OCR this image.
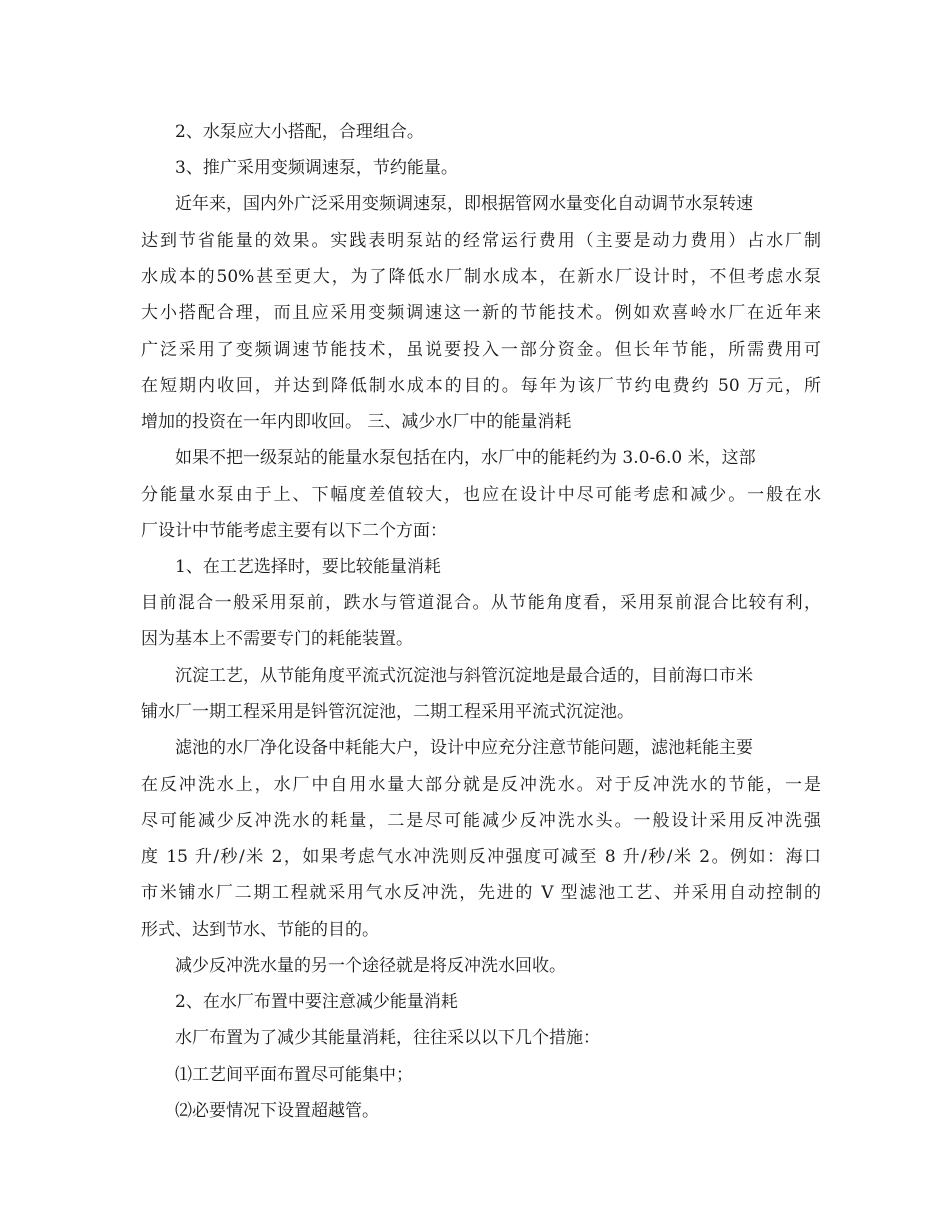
2、水泵应大小搭配，合理组合。
3、推广采用变频调速泵，节约能量。
近年来，国内外广泛采用变频调速泵，即根据管网水量变化自动调节水泵转速
达到节省能量的效果。实践表明泵站的经常运行费用（主要是动力费用）占水厂制
水成本的50%甚至更大，为了降低水厂制水成本，在新水厂设计时，不但考虑水泵
大小搭配合理，而且应采用变频调速这一新的节能技术。例如欢喜岭水厂在近年来
广泛采用了变频调速节能技术，虽说要投入一部分资金。但长年节能，所需费用可
在短期内收回，并达到降低制水成本的目的。每年为该厂节约电费约 50 万元，所
增加的投资在一年内即收回。 三、减少水厂中的能量消耗
如果不把一级泵站的能量水泵包括在内，水厂中的能耗约为 3.0-6.0 米，这部
分能量水泵由于上、下幅度差值较大，也应在设计中尽可能考虑和减少。一般在水
厂设计中节能考虑主要有以下二个方面：
1、在工艺选择时，要比较能量消耗
目前混合一般采用泵前，跌水与管道混合。从节能角度看，采用泵前混合比较有利，
因为基本上不需要专门的耗能装置。
沉淀工艺，从节能角度平流式沉淀池与斜管沉淀地是最合适的，目前海口市米
铺水厂一期工程采用是钭管沉淀池，二期工程采用平流式沉淀池。
滤池的水厂净化设备中耗能大户，设计中应充分注意节能问题，滤池耗能主要
在反冲洗水上，水厂中自用水量大部分就是反冲洗水。对于反冲洗水的节能，一是
尽可能减少反冲洗水的耗量，二是尽可能减少反冲洗水头。一般设计采用反冲洗强
度 15 升/秒/米 2，如果考虑气水冲洗则反冲强度可减至 8 升/秒/米 2。例如：海口
市米铺水厂二期工程就采用气水反冲洗，先进的 V 型滤池工艺、并采用自动控制的
形式、达到节水、节能的目的。
减少反冲洗水量的另一个途径就是将反冲洗水回收。
2、在水厂布置中要注意减少能量消耗
水厂布置为了减少其能量消耗，往往采以以下几个措施：
⑴工艺间平面布置尽可能集中；
⑵必要情况下设置超越管。
